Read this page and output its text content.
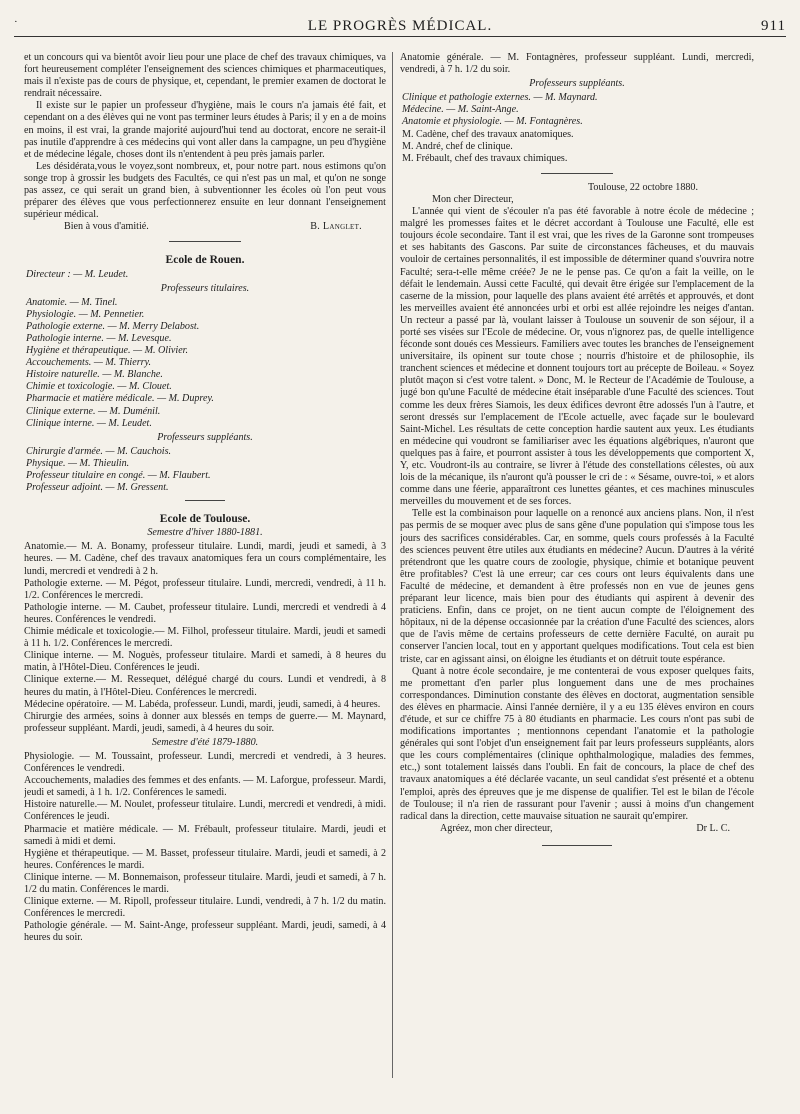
·	LE PROGRÈS MÉDICAL.	911

et un concours qui va bientôt avoir lieu pour une place de chef des travaux chimiques, va fort heureusement compléter l'enseignement des sciences chimiques et pharmaceutiques, mais il n'existe pas de cours de physique, et, cependant, le premier examen de doctorat le rendrait nécessaire.

Il existe sur le papier un professeur d'hygiène, mais le cours n'a jamais été fait, et cependant on a des élèves qui ne vont pas terminer leurs études à Paris; il y en a de moins en moins, il est vrai, la grande majorité aujourd'hui tend au doctorat, encore ne serait-il pas inutile d'apprendre à ces médecins qui vont aller dans la campagne, un peu d'hygiène et de médecine légale, choses dont ils n'entendent à peu près jamais parler.

Les désidérata,vous le voyez,sont nombreux, et, pour notre part. nous estimons qu'on songe trop à grossir les budgets des Facultés, ce qui n'est pas un mal, et qu'on ne songe pas assez, ce qui serait un grand bien, à subventionner les écoles où l'on peut vous préparer des élèves que vous perfectionnerez ensuite en leur donnant l'enseignement supérieur médical.

Bien à vous d'amitié.	B. Langlet.
Ecole de Rouen.

Directeur : — M. Leudet.

Professeurs titulaires.

Anatomie. — M. Tinel.

Physiologie. — M. Pennetier.

Pathologie externe. — M. Merry Delabost.

Pathologie interne. — M. Levesque.

Hygiène et thérapeutique. — M. Olivier.

Accouchements. — M. Thierry.

Histoire naturelle. — M. Blanche.

Chimie et toxicologie. — M. Clouet.

Pharmacie et matière médicale. — M. Duprey.

Clinique externe. — M. Duménil.

Clinique interne. — M. Leudet.

Professeurs suppléants.

Chirurgie d'armée. — M. Cauchois.

Physique. — M. Thieulin.

Professeur titulaire en congé. — M. Flaubert.

Professeur adjoint. — M. Gressent.

Ecole de Toulouse.
Semestre d'hiver 1880-1881.

Anatomie.— M. A. Bonamy, professeur titulaire. Lundi, mardi, jeudi et samedi, à 3 heures. — M. Cadène, chef des travaux anatomiques fera un cours complémentaire, les lundi, mercredi et vendredi à 2 h.

Pathologie externe. — M. Pégot, professeur titulaire. Lundi, mercredi, vendredi, à 11 h. 1/2. Conférences le mercredi.

Pathologie interne. — M. Caubet, professeur titulaire. Lundi, mercredi et vendredi à 4 heures. Conférences le vendredi.

Chimie médicale et toxicologie.— M. Filhol, professeur titulaire. Mardi, jeudi et samedi à 11 h. 1/2. Conférences le mercredi.

Clinique interne. — M. Noguès, professeur titulaire. Mardi et samedi, à 8 heures du matin, à l'Hôtel-Dieu. Conférences le jeudi.

Clinique externe.— M. Ressequet, délégué chargé du cours. Lundi et vendredi, à 8 heures du matin, à l'Hôtel-Dieu. Conférences le mercredi.

Médecine opératoire. — M. Labéda, professeur. Lundi, mardi, jeudi, samedi, à 4 heures.

Chirurgie des armées, soins à donner aux blessés en temps de guerre.— M. Maynard, professeur suppléant. Mardi, jeudi, samedi, à 4 heures du soir.

Semestre d'été 1879-1880.

Physiologie. — M. Toussaint, professeur. Lundi, mercredi et vendredi, à 3 heures. Conférences le vendredi.

Accouchements, maladies des femmes et des enfants. — M. Laforgue, professeur. Mardi, jeudi et samedi, à 1 h. 1/2. Conférences le samedi.

Histoire naturelle.— M. Noulet, professeur titulaire. Lundi, mercredi et vendredi, à midi. Conférences le jeudi.

Pharmacie et matière médicale. — M. Frébault, professeur titulaire. Mardi, jeudi et samedi à midi et demi.

Hygiène et thérapeutique. — M. Basset, professeur titulaire. Mardi, jeudi et samedi, à 2 heures. Conférences le mardi.

Clinique interne. — M. Bonnemaison, professeur titulaire. Mardi, jeudi et samedi, à 7 h. 1/2 du matin. Conférences le mardi.

Clinique externe. — M. Ripoll, professeur titulaire. Lundi, vendredi, à 7 h. 1/2 du matin. Conférences le mercredi.

Pathologie générale. — M. Saint-Ange, professeur suppléant. Mardi, jeudi, samedi, à 4 heures du soir.

Anatomie générale. — M. Fontagnères, professeur suppléant. Lundi, mercredi, vendredi, à 7 h. 1/2 du soir.

Professeurs suppléants.

Clinique et pathologie externes. — M. Maynard.

Médecine. — M. Saint-Ange.

Anatomie et physiologie. — M. Fontagnères.

M. Cadène, chef des travaux anatomiques.

M. André, chef de clinique.

M. Frébault, chef des travaux chimiques.

Toulouse, 22 octobre 1880.

Mon cher Directeur,

L'année qui vient de s'écouler n'a pas été favorable à notre école de médecine ; malgré les promesses faites et le décret accordant à Toulouse une Faculté, elle est toujours école secondaire. Tant il est vrai, que les rives de la Garonne sont trompeuses et ses habitants des Gascons. Par suite de circonstances fâcheuses, et du mauvais vouloir de certaines personnalités, il est impossible de déterminer quand s'ouvrira notre Faculté; sera-t-elle même créée? Je ne le pense pas. Ce qu'on a fait la veille, on le défait le lendemain. Aussi cette Faculté, qui devait être érigée sur l'emplacement de la caserne de la mission, pour laquelle des plans avaient été arrêtés et approuvés, et dont les merveilles avaient été annoncées urbi et orbi est allée rejoindre les neiges d'antan. Un recteur a passé par là, voulant laisser à Toulouse un souvenir de son séjour, il a porté ses visées sur l'Ecole de médecine. Or, vous n'ignorez pas, de quelle intelligence féconde sont doués ces Messieurs. Familiers avec toutes les branches de l'enseignement universitaire, ils opinent sur toute chose ; nourris d'histoire et de philosophie, ils tranchent sciences et médecine et donnent toujours tort au précepte de Boileau. « Soyez plutôt maçon si c'est votre talent. » Donc, M. le Recteur de l'Académie de Toulouse, a jugé bon qu'une Faculté de médecine était inséparable d'une Faculté des sciences. Tout comme les deux frères Siamois, les deux édifices devront être adossés l'un à l'autre, et seront dressés sur l'emplacement de l'Ecole actuelle, avec façade sur le boulevard Saint-Michel. Les résultats de cette conception hardie sautent aux yeux. Les étudiants en médecine qui voudront se familiariser avec les équations algébriques, n'auront que quelques pas à faire, et pourront assister à tous les développements que comportent X, Y, etc. Voudront-ils au contraire, se livrer à l'étude des constellations célestes, où aux lois de la mécanique, ils n'auront qu'à pousser le cri de : « Sésame, ouvre-toi, » et alors comme dans une féerie, apparaîtront ces lunettes géantes, et ces machines minuscules merveilles du mouvement et de ses forces.

Telle est la combinaison pour laquelle on a renoncé aux anciens plans. Non, il n'est pas permis de se moquer avec plus de sans gêne d'une population qui s'impose tous les jours des sacrifices considérables. Car, en somme, quels cours professés à la Faculté des sciences peuvent être utiles aux étudiants en médecine? Aucun. D'autres à la vérité prétendront que les quatre cours de zoologie, physique, chimie et botanique peuvent être profitables? C'est là une erreur; car ces cours ont leurs équivalents dans une Faculté de médecine, et demandent à être professés non en vue de jeunes gens préparant leur licence, mais bien pour des étudiants qui aspirent à devenir des praticiens. Enfin, dans ce projet, on ne tient aucun compte de l'éloignement des hôpitaux, ni de la dépense occasionnée par la création d'une Faculté des sciences, alors que de l'avis même de certains professeurs de cette dernière Faculté, on aurait pu conserver l'ancien local, tout en y apportant quelques modifications. Tout cela est bien triste, car en agissant ainsi, on éloigne les étudiants et on détruit toute espérance.

Quant à notre école secondaire, je me contenterai de vous exposer quelques faits, me promettant d'en parler plus longuement dans une de mes prochaines correspondances. Diminution constante des élèves en doctorat, augmentation sensible des élèves en pharmacie. Ainsi l'année dernière, il y a eu 135 élèves environ en cours d'étude, et sur ce chiffre 75 à 80 étudiants en pharmacie. Les cours n'ont pas subi de modifications importantes ; mentionnons cependant l'anatomie et la pathologie générales qui sont l'objet d'un enseignement fait par leurs professeurs suppléants, alors que les cours complémentaires (clinique ophthalmologique, maladies des femmes, etc.,) sont totalement laissés dans l'oubli. En fait de concours, la place de chef des travaux anatomiques a été déclarée vacante, un seul candidat s'est présenté et a obtenu l'emploi, après des épreuves que je me dispense de qualifier. Tel est le bilan de l'école de Toulouse; il n'a rien de rassurant pour l'avenir ; aussi à moins d'un changement radical dans la direction, cette mauvaise situation ne saurait qu'empirer.

Agréez, mon cher directeur,	Dr L. C.
